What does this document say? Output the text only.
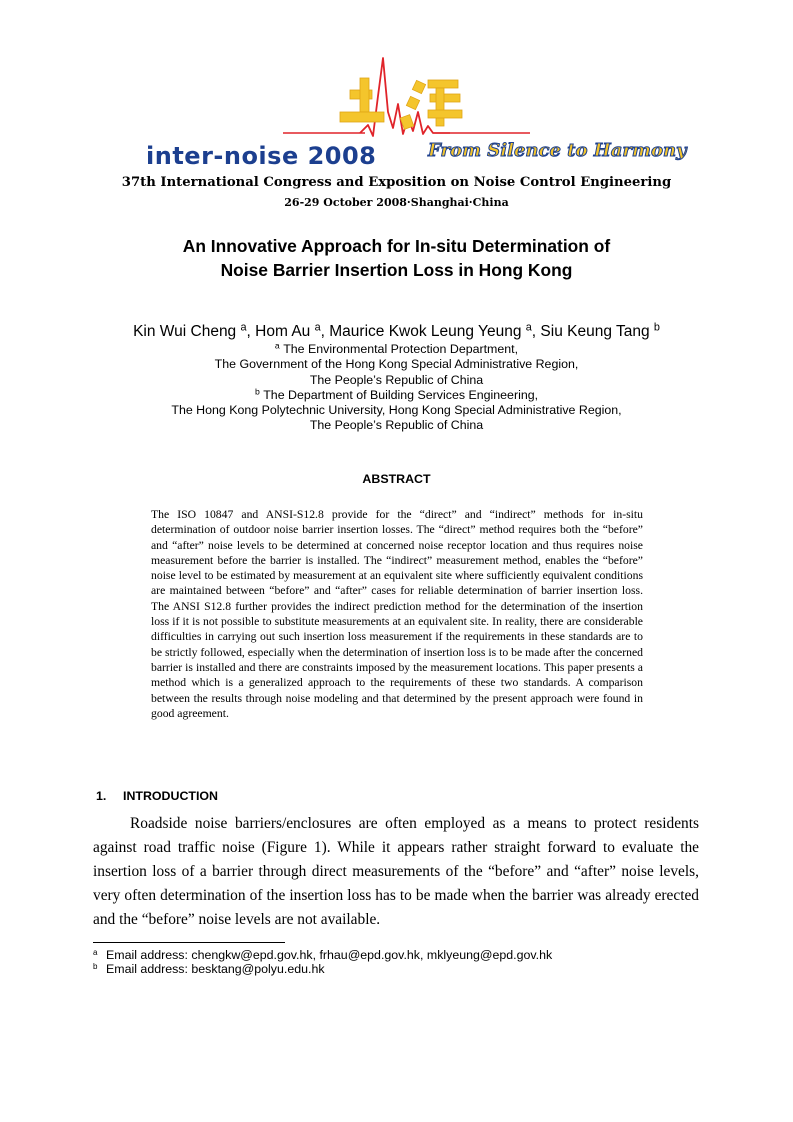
inter-noise 2008	From Silence to Harmony
37th International Congress and Exposition on Noise Control Engineering
26-29 October 2008·Shanghai·China
An Innovative Approach for In-situ Determination of
Noise Barrier Insertion Loss in Hong Kong
Kin Wui Cheng $^a$, Hom Au $^a$, Maurice Kwok Leung Yeung $^a$, Siu Keung Tang $^b$
$^a$ The Environmental Protection Department,
The Government of the Hong Kong Special Administrative Region,
The People’s Republic of China
$^b$ The Department of Building Services Engineering,
The Hong Kong Polytechnic University, Hong Kong Special Administrative Region,
The People’s Republic of China
ABSTRACT

The ISO 10847 and ANSI-S12.8 provide for the “direct” and “indirect” methods for in-situ determination of outdoor noise barrier insertion losses. The “direct” method requires both the “before” and “after” noise levels to be determined at concerned noise receptor location and thus requires noise measurement before the barrier is installed. The “indirect” measurement method, enables the “before” noise level to be estimated by measurement at an equivalent site where sufficiently equivalent conditions are maintained between “before” and “after” cases for reliable determination of barrier insertion loss. The ANSI S12.8 further provides the indirect prediction method for the determination of the insertion loss if it is not possible to substitute measurements at an equivalent site. In reality, there are considerable difficulties in carrying out such insertion loss measurement if the requirements in these standards are to be strictly followed, especially when the determination of insertion loss is to be made after the concerned barrier is installed and there are constraints imposed by the measurement locations. This paper presents a method which is a generalized approach to the requirements of these two standards. A comparison between the results through noise modeling and that determined by the present approach were found in good agreement.

1. INTRODUCTION

Roadside noise barriers/enclosures are often employed as a means to protect residents against road traffic noise (Figure 1). While it appears rather straight forward to evaluate the insertion loss of a barrier through direct measurements of the “before” and “after” noise levels, very often determination of the insertion loss has to be made when the barrier was already erected and the “before” noise levels are not available.

a Email address: chengkw@epd.gov.hk, frhau@epd.gov.hk, mklyeung@epd.gov.hk
b Email address: besktang@polyu.edu.hk
